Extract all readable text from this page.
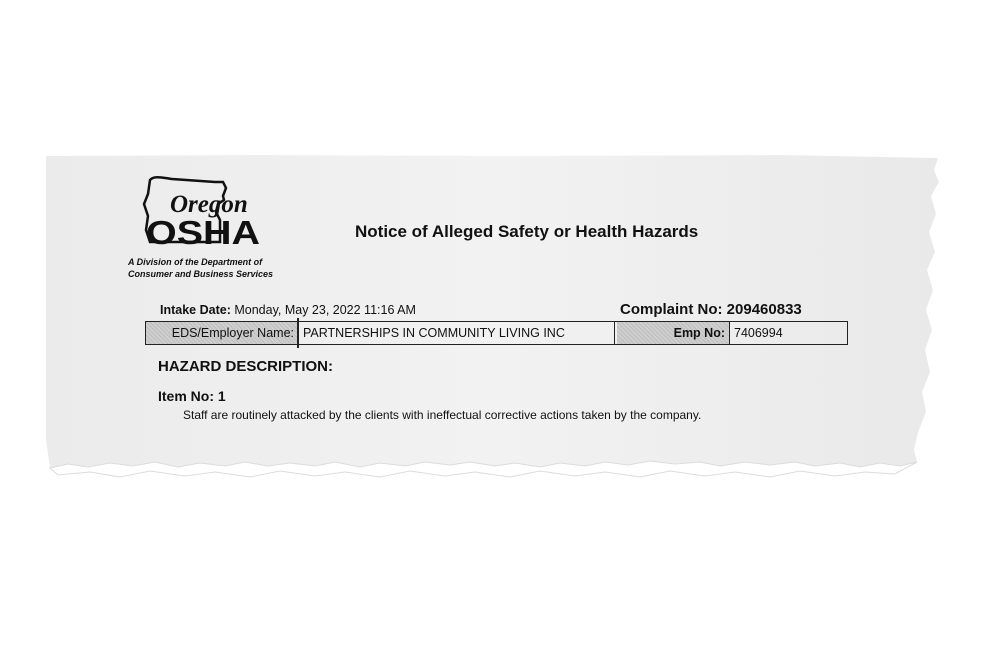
Oregon
OSHA
A Division of the Department of
Consumer and Business Services
Notice of Alleged Safety or Health Hazards
Intake Date: Monday, May 23, 2022 11:16 AM	Complaint No: 209460833
EDS/Employer Name: PARTNERSHIPS IN COMMUNITY LIVING INC	Emp No: 7406994
HAZARD DESCRIPTION:
Item No: 1
Staff are routinely attacked by the clients with ineffectual corrective actions taken by the company.
